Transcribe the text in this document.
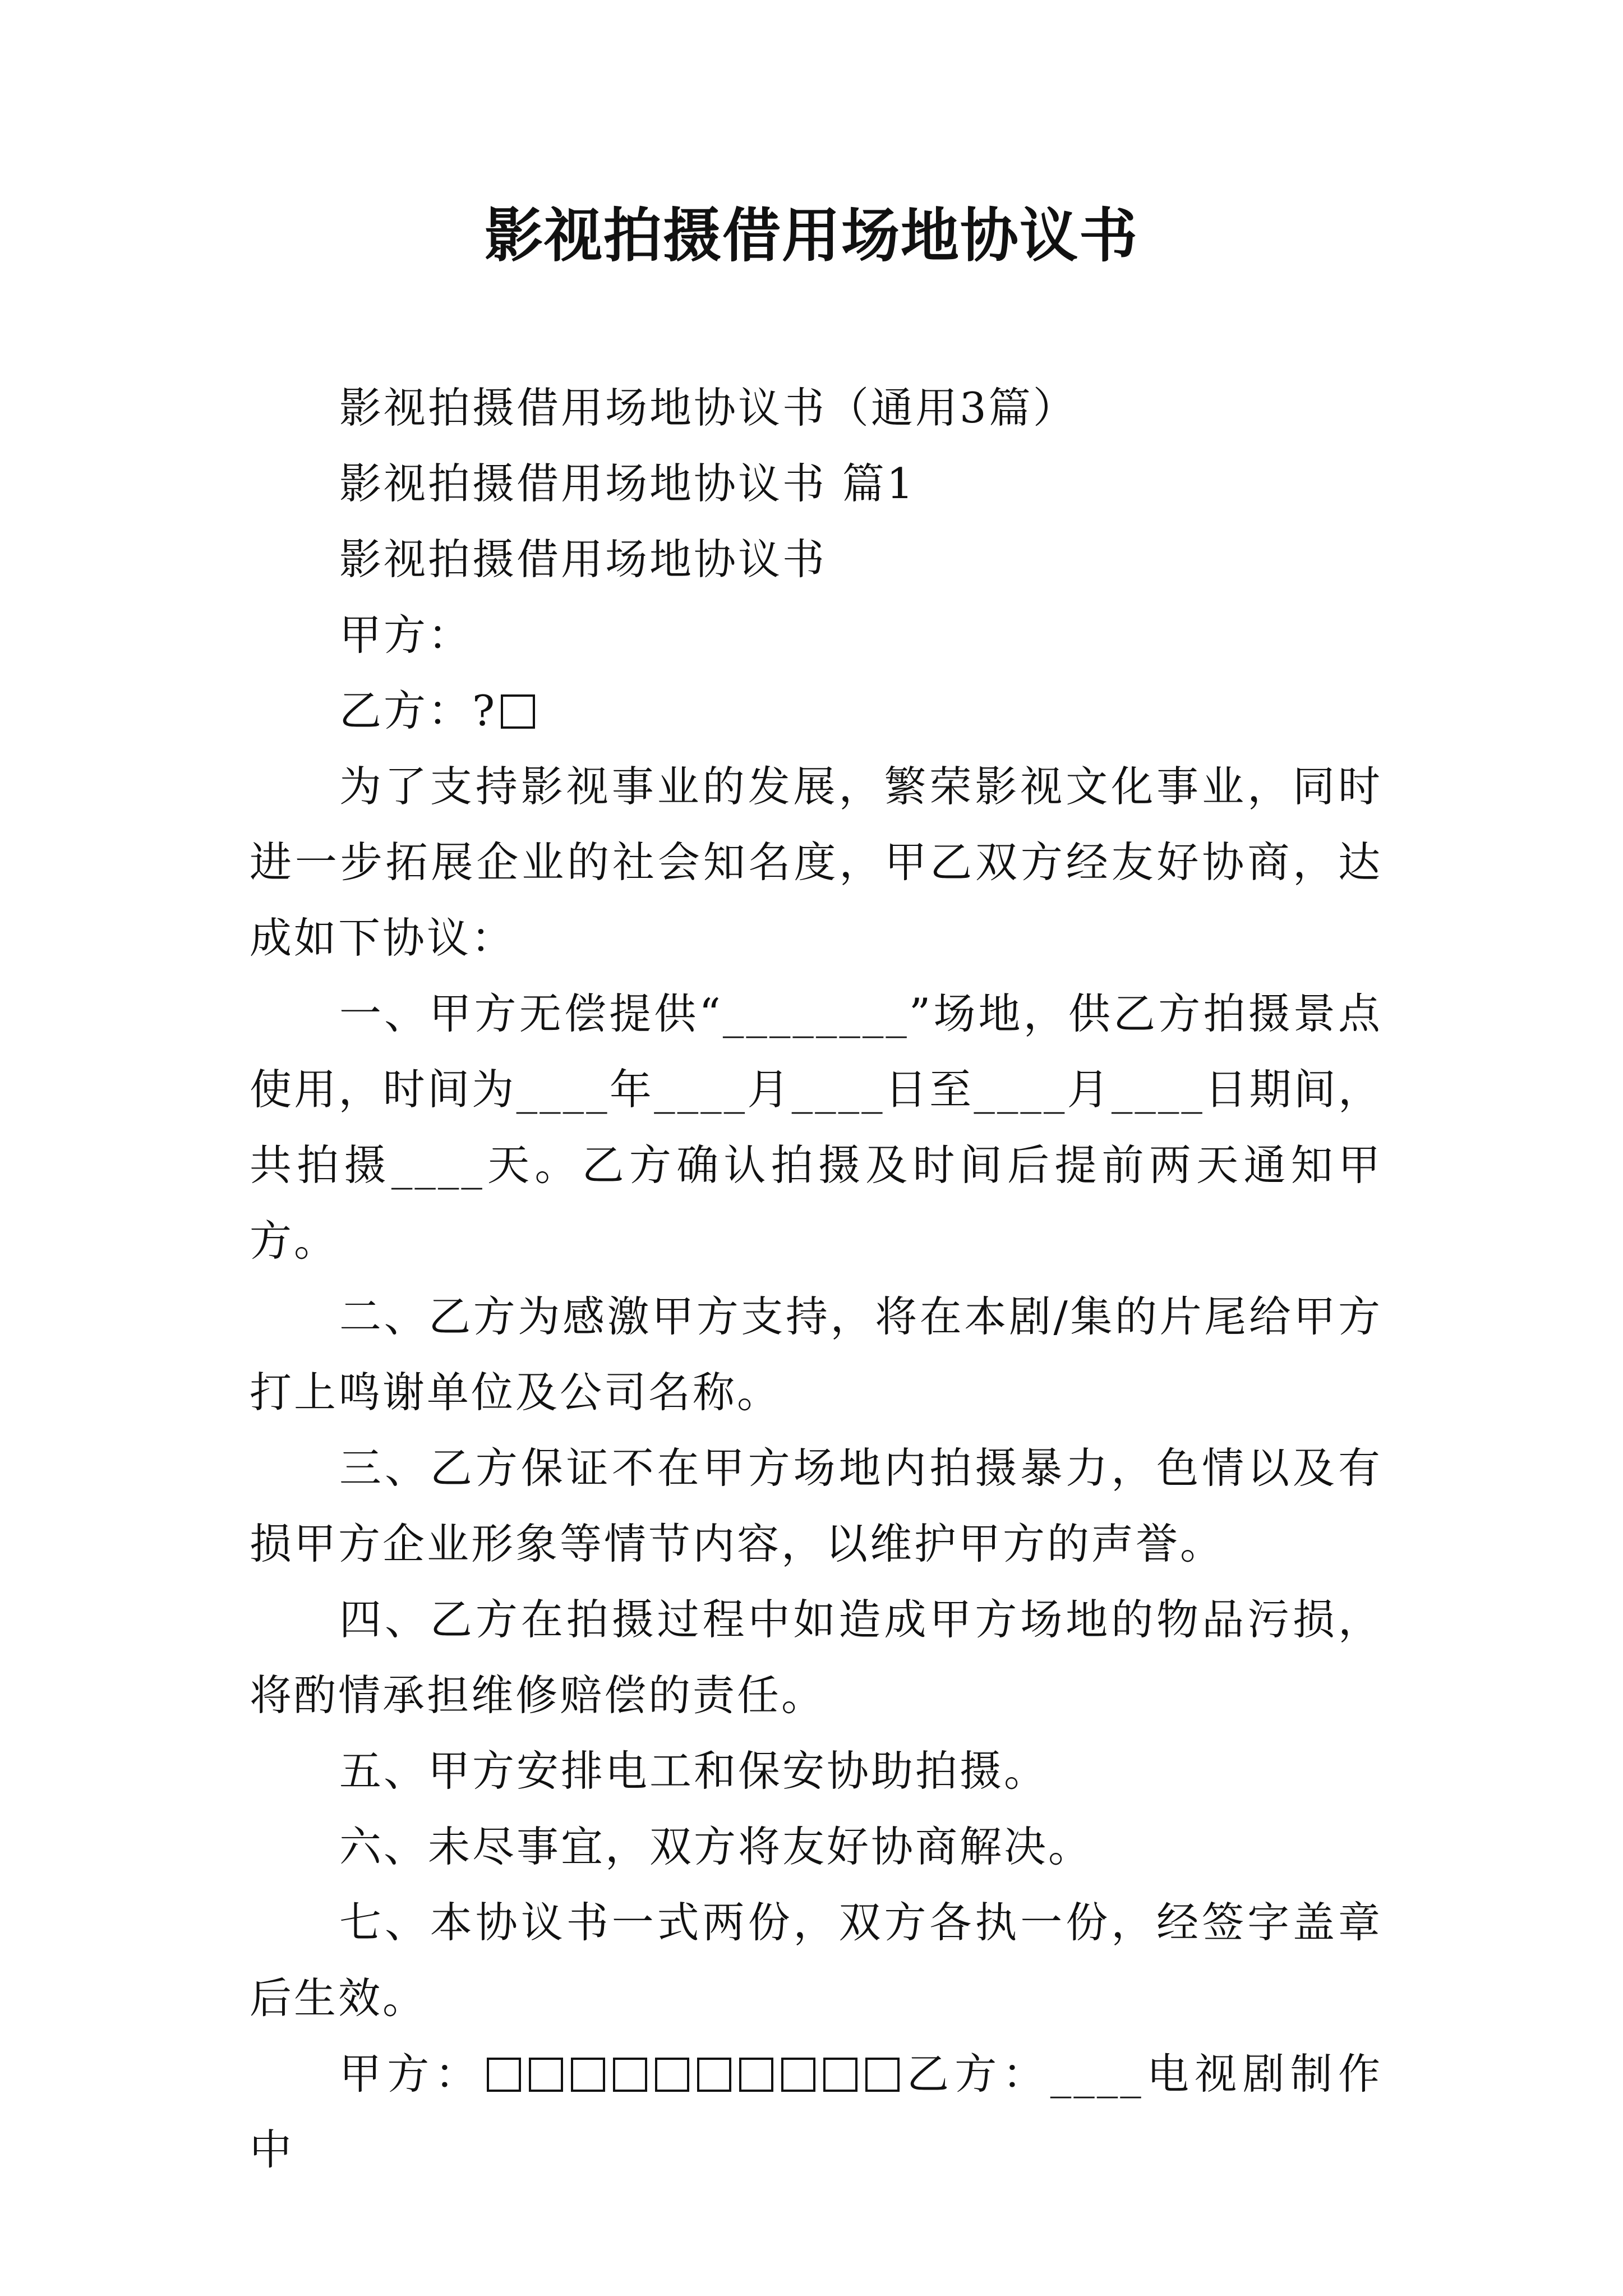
影视拍摄借用场地协议书

影视拍摄借用场地协议书（通用3篇）

影视拍摄借用场地协议书 篇1

影视拍摄借用场地协议书

甲方：

乙方：?

为了支持影视事业的发展，繁荣影视文化事业，同时进一步拓展企业的社会知名度，甲乙双方经友好协商，达成如下协议：

一、甲方无偿提供“________”场地，供乙方拍摄景点使用，时间为____年____月____日至____月____日期间，共拍摄____天。乙方确认拍摄及时间后提前两天通知甲方。

二、乙方为感激甲方支持，将在本剧/集的片尾给甲方打上鸣谢单位及公司名称。

三、乙方保证不在甲方场地内拍摄暴力，色情以及有损甲方企业形象等情节内容，以维护甲方的声誉。

四、乙方在拍摄过程中如造成甲方场地的物品污损，将酌情承担维修赔偿的责任。

五、甲方安排电工和保安协助拍摄。

六、未尽事宜，双方将友好协商解决。

七、本协议书一式两份，双方各执一份，经签字盖章后生效。

甲方：	乙方：____电视剧制作中
